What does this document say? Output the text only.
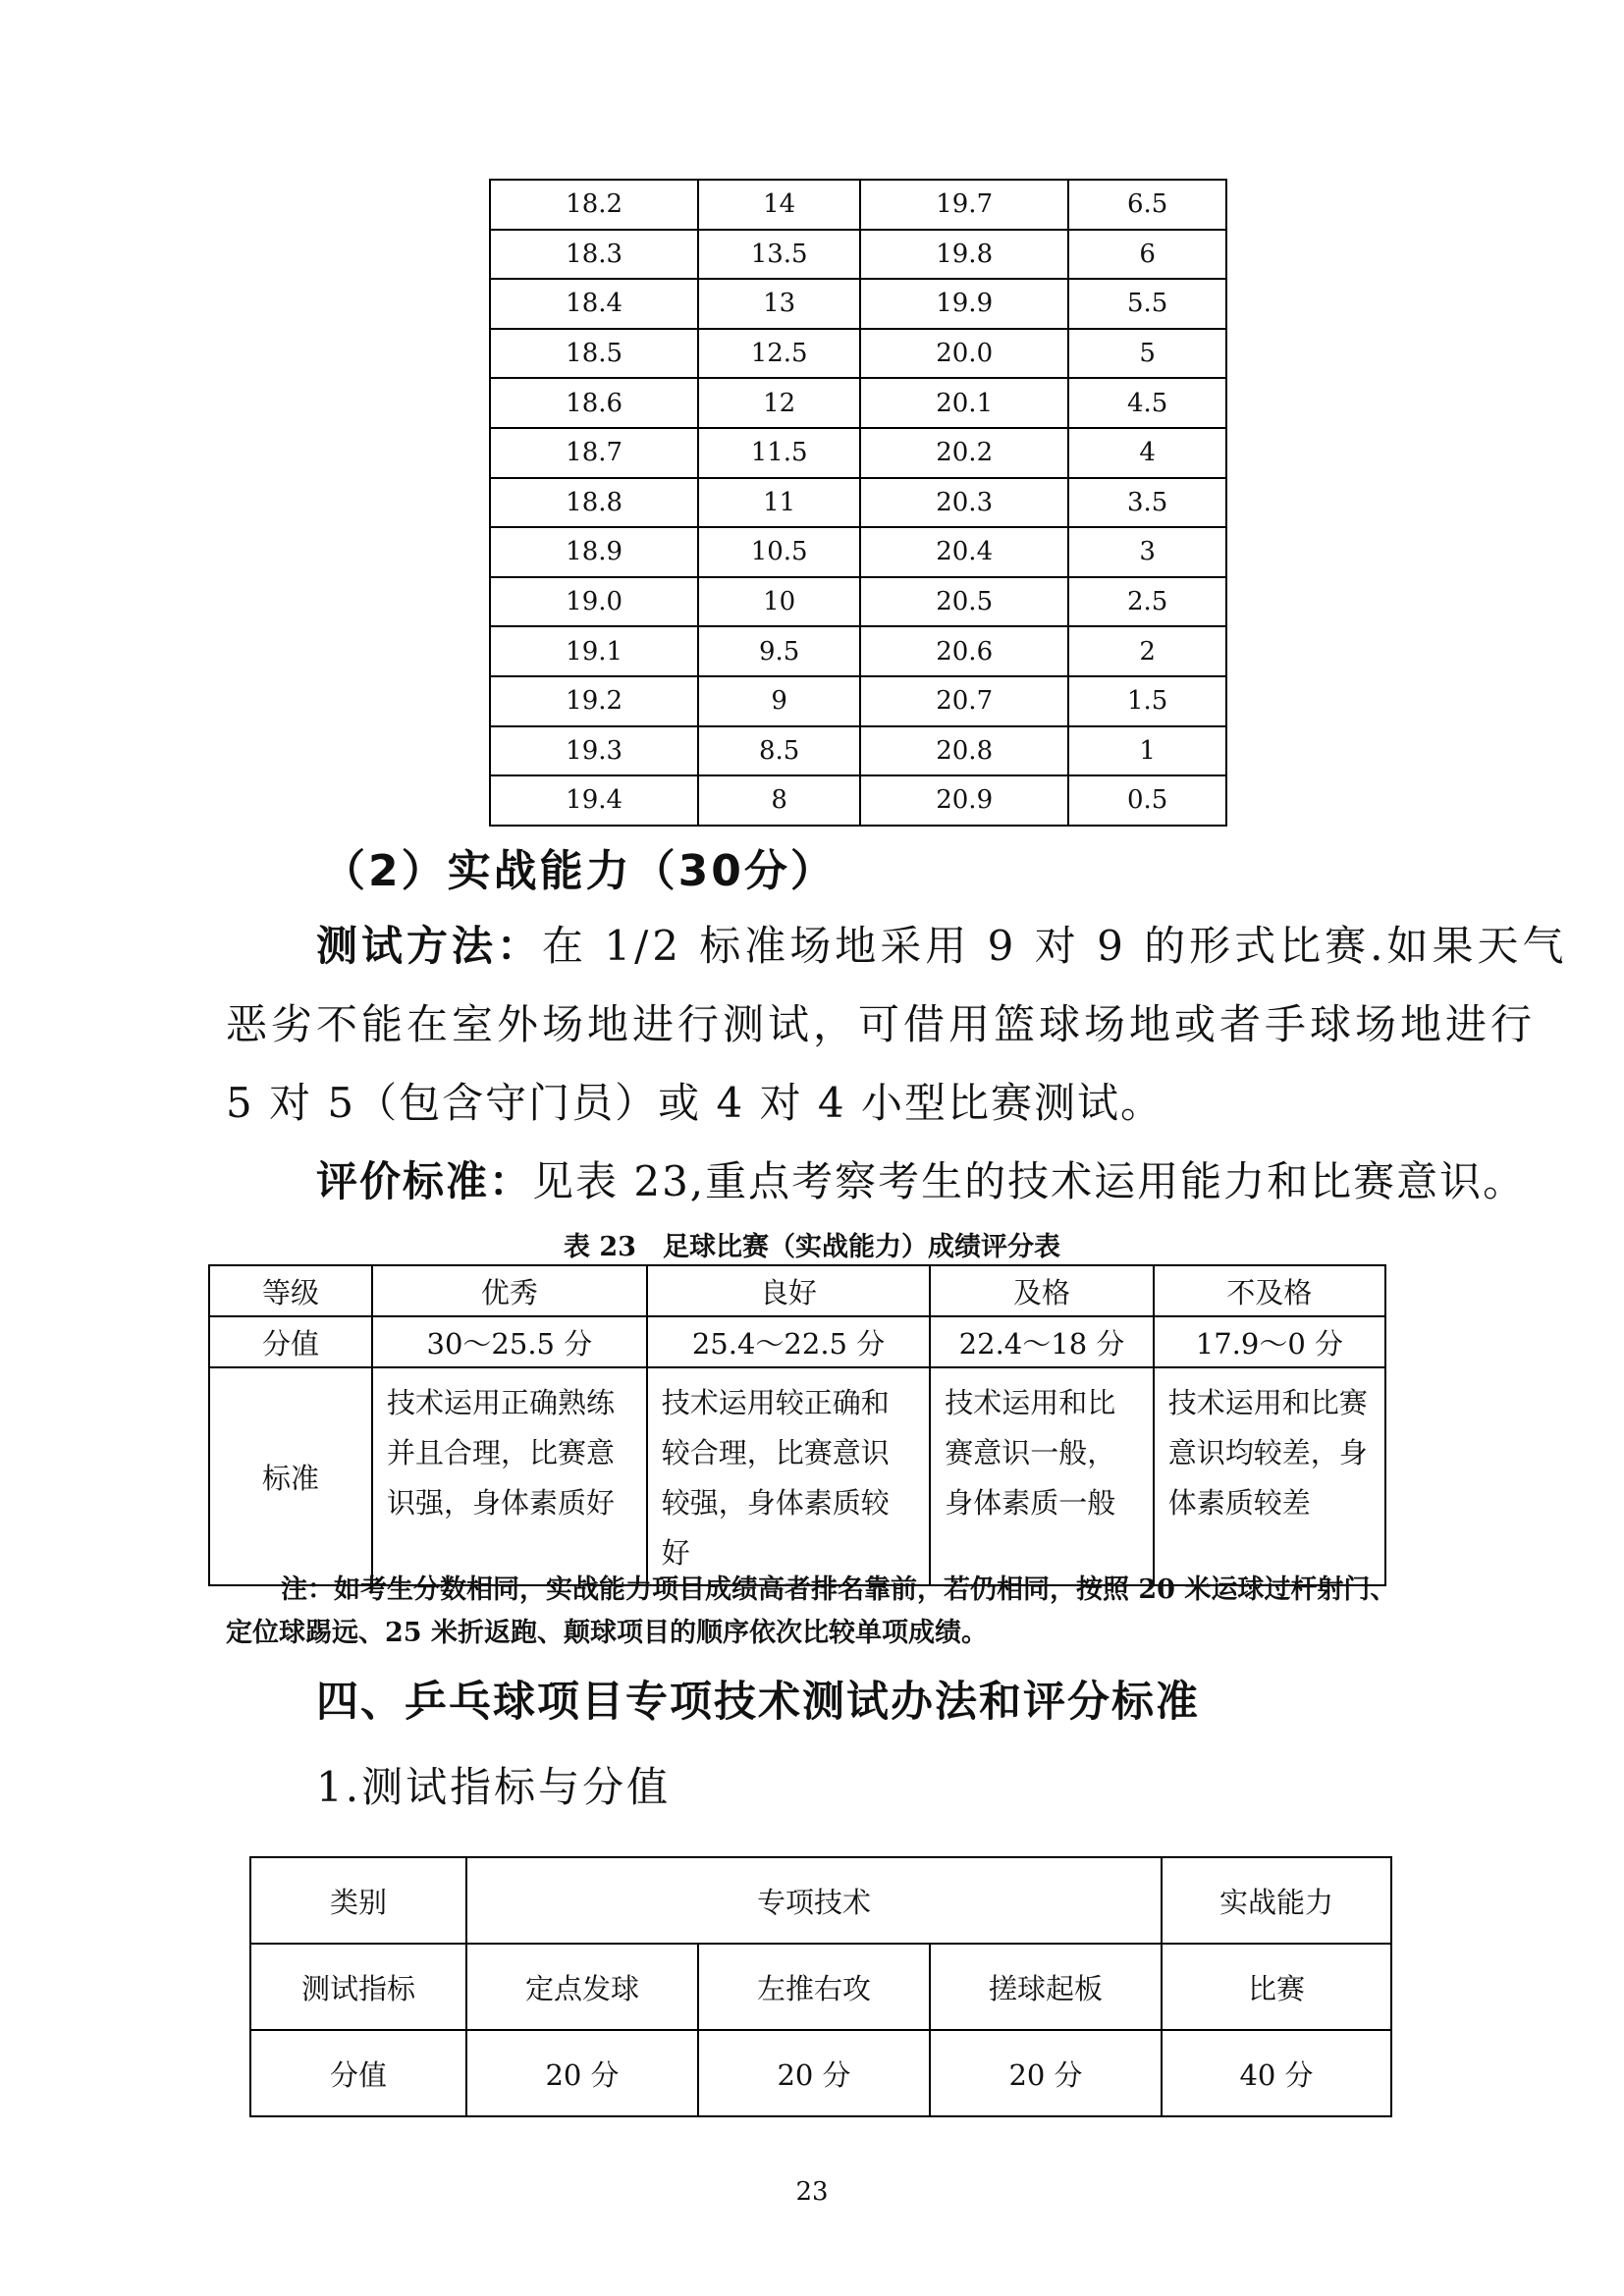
18.2	14	19.7	6.5
18.3	13.5	19.8	6
18.4	13	19.9	5.5
18.5	12.5	20.0	5
18.6	12	20.1	4.5
18.7	11.5	20.2	4
18.8	11	20.3	3.5
18.9	10.5	20.4	3
19.0	10	20.5	2.5
19.1	9.5	20.6	2
19.2	9	20.7	1.5
19.3	8.5	20.8	1
19.4	8	20.9	0.5
（2）实战能力（30分）
测试方法：在 1/2 标准场地采用 9 对 9 的形式比赛.如果天气
恶劣不能在室外场地进行测试，可借用篮球场地或者手球场地进行
5 对 5（包含守门员）或 4 对 4 小型比赛测试。
评价标准：见表 23,重点考察考生的技术运用能力和比赛意识。
表 23　足球比赛（实战能力）成绩评分表
等级	优秀	良好	及格	不及格
分值	30～25.5 分	25.4～22.5 分	22.4～18 分	17.9～0 分
标准	技术运用正确熟练并且合理，比赛意识强，身体素质好	技术运用较正确和较合理，比赛意识较强，身体素质较好	技术运用和比赛意识一般，身体素质一般	技术运用和比赛意识均较差，身体素质较差
注：如考生分数相同，实战能力项目成绩高者排名靠前，若仍相同，按照 20 米运球过杆射门、
定位球踢远、25 米折返跑、颠球项目的顺序依次比较单项成绩。
四、乒乓球项目专项技术测试办法和评分标准
1.测试指标与分值
类别	专项技术			实战能力
测试指标	定点发球	左推右攻	搓球起板	比赛
分值	20 分	20 分	20 分	40 分
23
